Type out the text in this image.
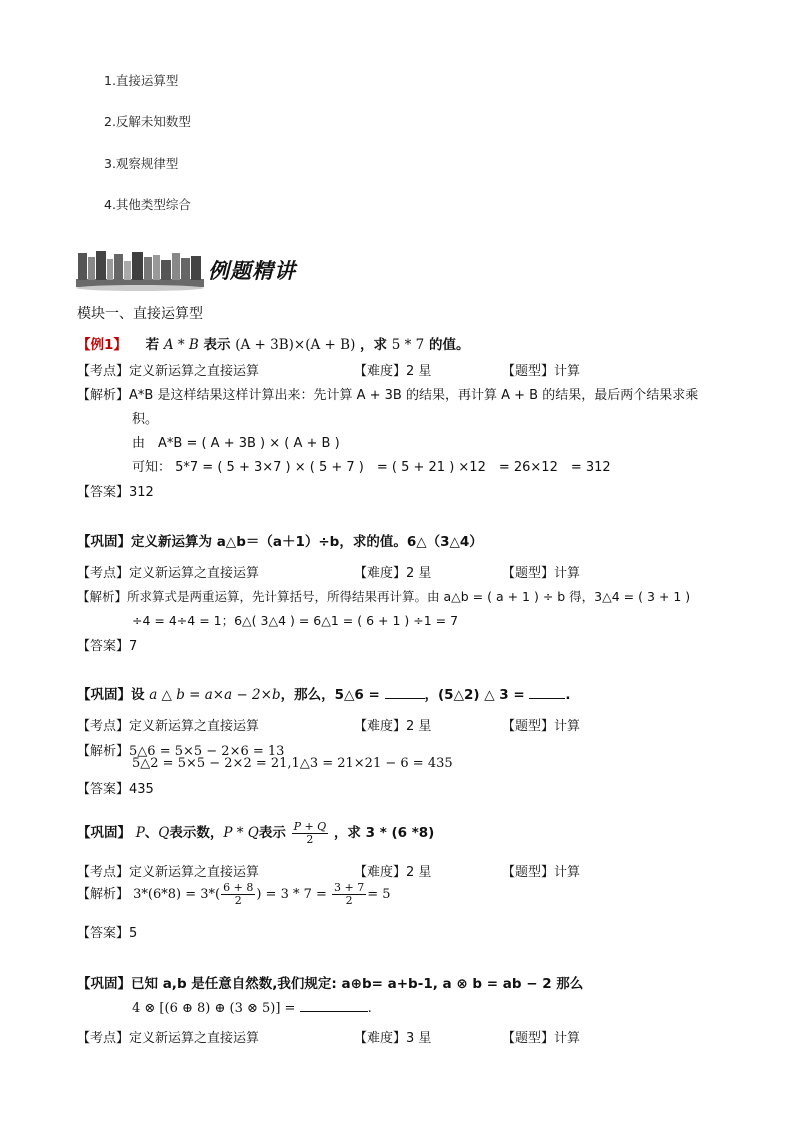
1.直接运算型
2.反解未知数型
3.观察规律型
4.其他类型综合
例题精讲
模块一、直接运算型
【例1】 若 A * B 表示 (A + 3B)×(A + B) ，求 5 * 7 的值。
【考点】定义新运算之直接运算	【难度】2 星	【题型】计算
【解析】A*B 是这样结果这样计算出来：先计算 A + 3B 的结果，再计算 A + B 的结果，最后两个结果求乘
积。
由　A*B = ( A + 3B ) × ( A + B )
可知： 5*7 = ( 5 + 3×7 ) × ( 5 + 7 )　= ( 5 + 21 ) ×12　= 26×12　= 312
【答案】312
【巩固】定义新运算为 a△b＝（a＋1）÷b，求的值。6△（3△4）
【考点】定义新运算之直接运算	【难度】2 星	【题型】计算
【解析】所求算式是两重运算，先计算括号，所得结果再计算。由 a△b = ( a + 1 ) ÷ b 得，3△4 = ( 3 + 1 )
÷4 = 4÷4 = 1；6△( 3△4 ) = 6△1 = ( 6 + 1 ) ÷1 = 7
【答案】7
【巩固】设 a △ b = a×a − 2×b，那么，5△6 =	，(5△2) △ 3 =	.
【考点】定义新运算之直接运算	【难度】2 星	【题型】计算
【解析】5△6 = 5×5 − 2×6 = 13
5△2 = 5×5 − 2×2 = 21,1△3 = 21×21 − 6 = 435
【答案】435
【巩固】 P、Q表示数，P * Q表示 $\frac{P + Q}{2}$ ，求 3 * (6 *8)
【考点】定义新运算之直接运算	【难度】2 星	【题型】计算
【解析】 $3*(6*8) = 3*( \frac{6 + 8}{2}$ ) = $3 * 7 = \frac{3 + 7}{2} = 5$
【答案】5
【巩固】已知 a,b 是任意自然数,我们规定: a⊕b= a+b-1, a ⊗ b = ab − 2 那么
4 ⊗ [(6 ⊕ 8) ⊕ (3 ⊗ 5)] =	.
【考点】定义新运算之直接运算	【难度】3 星	【题型】计算
